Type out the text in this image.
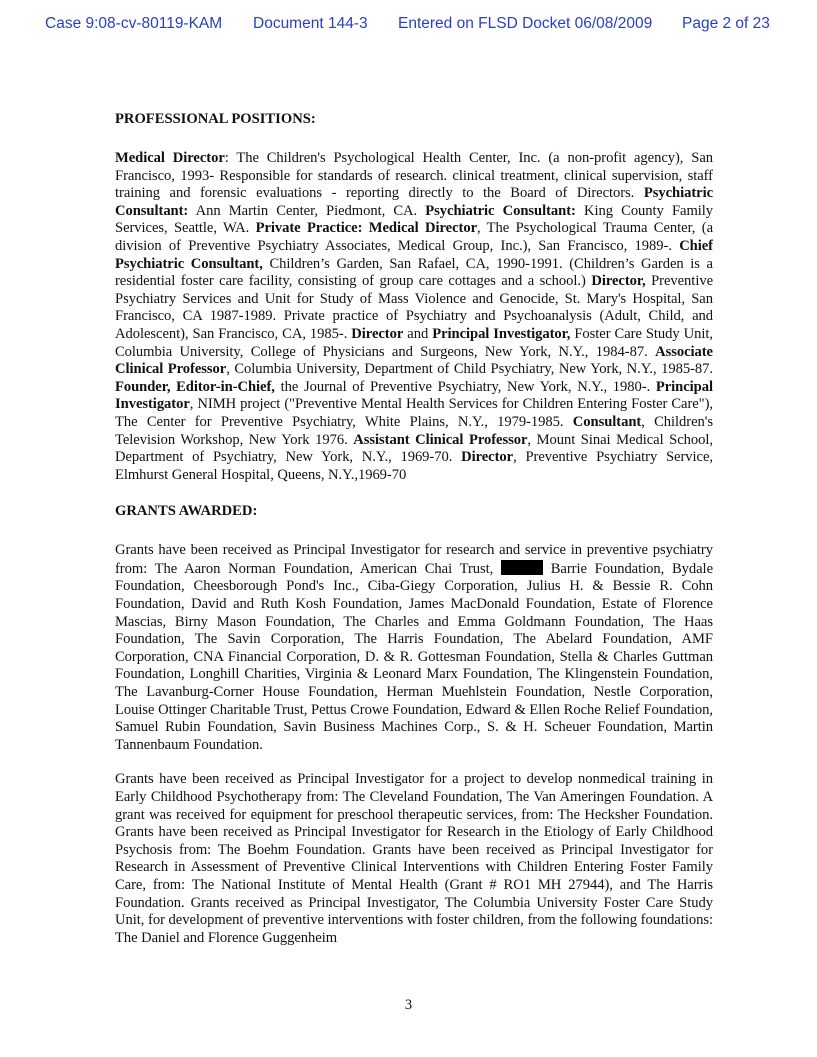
Case 9:08-cv-80119-KAM Document 144-3 Entered on FLSD Docket 06/08/2009 Page 2 of 23
PROFESSIONAL POSITIONS:

Medical Director: The Children's Psychological Health Center, Inc. (a non-profit agency), San Francisco, 1993- Responsible for standards of research. clinical treatment, clinical supervision, staff training and forensic evaluations - reporting directly to the Board of Directors. Psychiatric Consultant: Ann Martin Center, Piedmont, CA. Psychiatric Consultant: King County Family Services, Seattle, WA. Private Practice: Medical Director, The Psychological Trauma Center, (a division of Preventive Psychiatry Associates, Medical Group, Inc.), San Francisco, 1989-. Chief Psychiatric Consultant, Children’s Garden, San Rafael, CA, 1990-1991. (Children’s Garden is a residential foster care facility, consisting of group care cottages and a school.) Director, Preventive Psychiatry Services and Unit for Study of Mass Violence and Genocide, St. Mary's Hospital, San Francisco, CA 1987-1989. Private practice of Psychiatry and Psychoanalysis (Adult, Child, and Adolescent), San Francisco, CA, 1985-. Director and Principal Investigator, Foster Care Study Unit, Columbia University, College of Physicians and Surgeons, New York, N.Y., 1984-87. Associate Clinical Professor, Columbia University, Department of Child Psychiatry, New York, N.Y., 1985-87. Founder, Editor-in-Chief, the Journal of Preventive Psychiatry, New York, N.Y., 1980-. Principal Investigator, NIMH project ("Preventive Mental Health Services for Children Entering Foster Care"), The Center for Preventive Psychiatry, White Plains, N.Y., 1979-1985. Consultant, Children's Television Workshop, New York 1976. Assistant Clinical Professor, Mount Sinai Medical School, Department of Psychiatry, New York, N.Y., 1969-70. Director, Preventive Psychiatry Service, Elmhurst General Hospital, Queens, N.Y.,1969-70

GRANTS AWARDED:

Grants have been received as Principal Investigator for research and service in preventive psychiatry from: The Aaron Norman Foundation, American Chai Trust,	Barrie Foundation, Bydale Foundation, Cheesborough Pond's Inc., Ciba-Giegy Corporation, Julius H. & Bessie R. Cohn Foundation, David and Ruth Kosh Foundation, James MacDonald Foundation, Estate of Florence Mascias, Birny Mason Foundation, The Charles and Emma Goldmann Foundation, The Haas Foundation, The Savin Corporation, The Harris Foundation, The Abelard Foundation, AMF Corporation, CNA Financial Corporation, D. & R. Gottesman Foundation, Stella & Charles Guttman Foundation, Longhill Charities, Virginia & Leonard Marx Foundation, The Klingenstein Foundation, The Lavanburg-Corner House Foundation, Herman Muehlstein Foundation, Nestle Corporation, Louise Ottinger Charitable Trust, Pettus Crowe Foundation, Edward & Ellen Roche Relief Foundation, Samuel Rubin Foundation, Savin Business Machines Corp., S. & H. Scheuer Foundation, Martin Tannenbaum Foundation.

Grants have been received as Principal Investigator for a project to develop nonmedical training in Early Childhood Psychotherapy from: The Cleveland Foundation, The Van Ameringen Foundation. A grant was received for equipment for preschool therapeutic services, from: The Hecksher Foundation. Grants have been received as Principal Investigator for Research in the Etiology of Early Childhood Psychosis from: The Boehm Foundation. Grants have been received as Principal Investigator for Research in Assessment of Preventive Clinical Interventions with Children Entering Foster Family Care, from: The National Institute of Mental Health (Grant # RO1 MH 27944), and The Harris Foundation. Grants received as Principal Investigator, The Columbia University Foster Care Study Unit, for development of preventive interventions with foster children, from the following foundations: The Daniel and Florence Guggenheim

3
